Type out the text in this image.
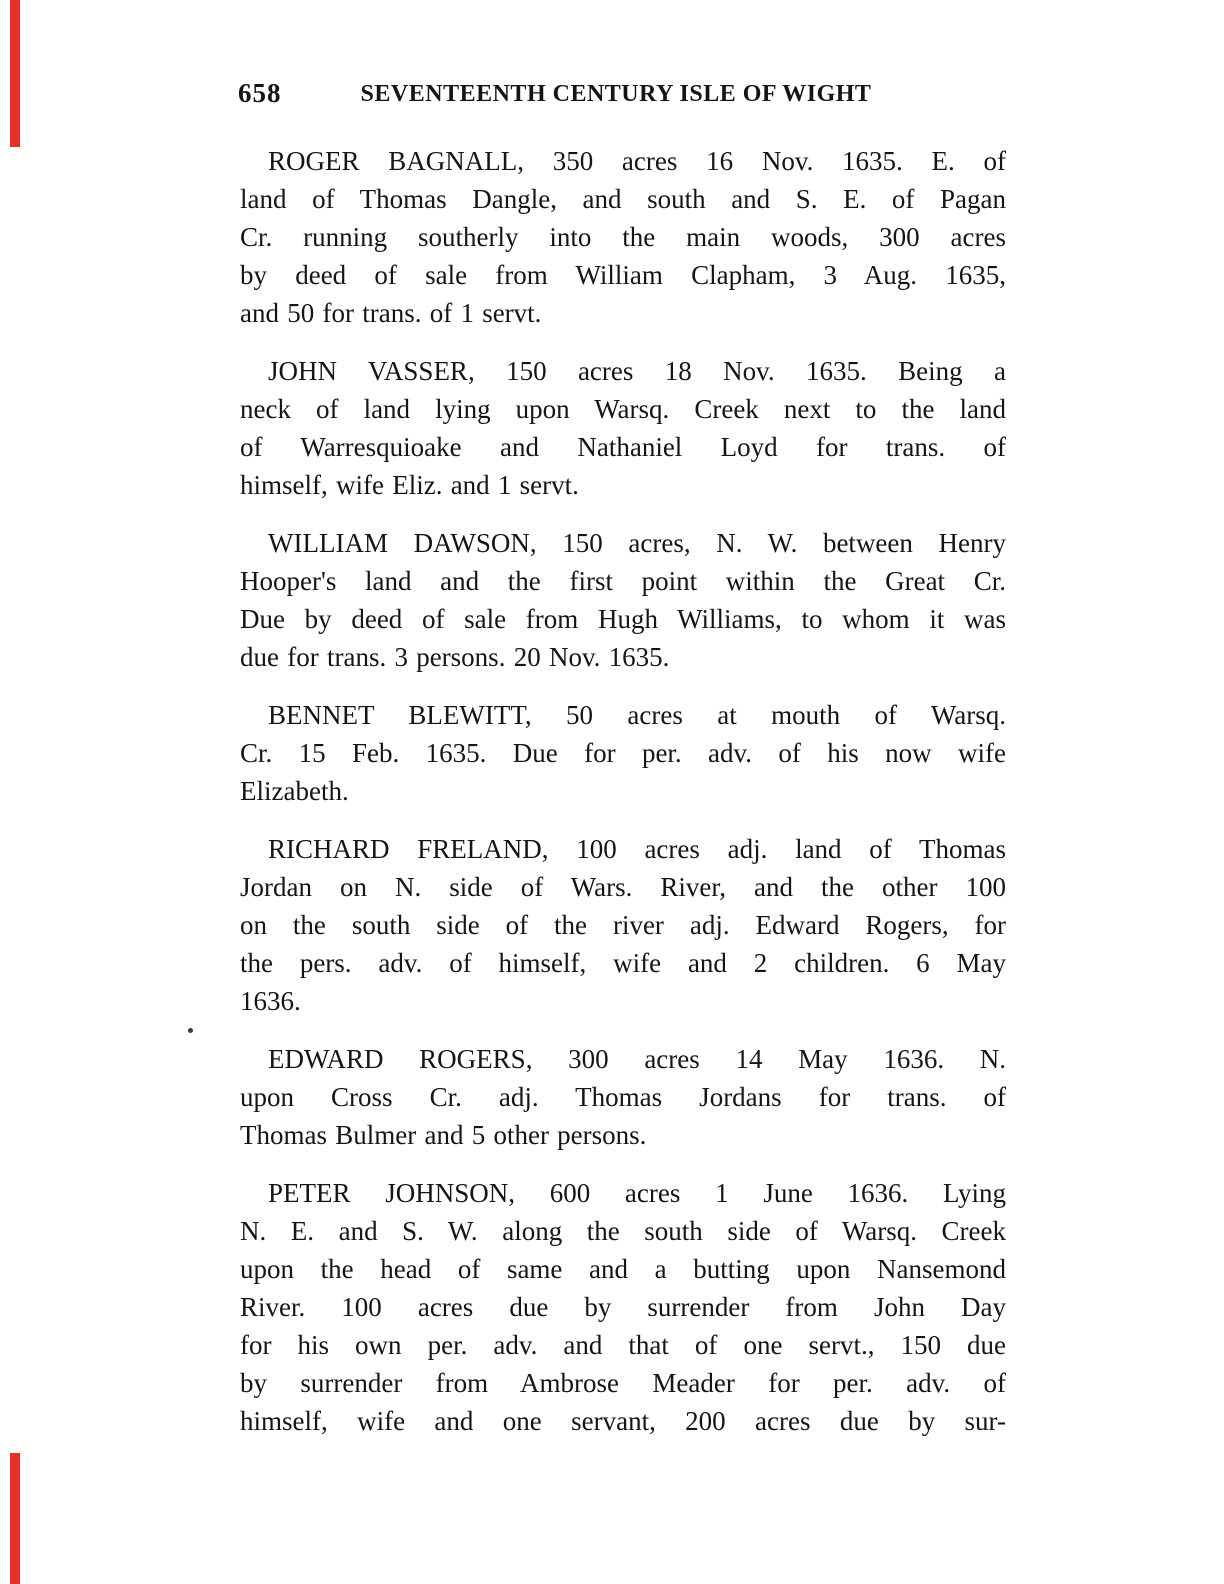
658	SEVENTEENTH CENTURY ISLE OF WIGHT
ROGER BAGNALL, 350 acres 16 Nov. 1635. E. of
land of Thomas Dangle, and south and S. E. of Pagan
Cr. running southerly into the main woods, 300 acres
by deed of sale from William Clapham, 3 Aug. 1635,
and 50 for trans. of 1 servt.
JOHN VASSER, 150 acres 18 Nov. 1635. Being a
neck of land lying upon Warsq. Creek next to the land
of Warresquioake and Nathaniel Loyd for trans. of
himself, wife Eliz. and 1 servt.
WILLIAM DAWSON, 150 acres, N. W. between Henry
Hooper's land and the first point within the Great Cr.
Due by deed of sale from Hugh Williams, to whom it was
due for trans. 3 persons. 20 Nov. 1635.
BENNET BLEWITT, 50 acres at mouth of Warsq.
Cr. 15 Feb. 1635. Due for per. adv. of his now wife
Elizabeth.
RICHARD FRELAND, 100 acres adj. land of Thomas
Jordan on N. side of Wars. River, and the other 100
on the south side of the river adj. Edward Rogers, for
the pers. adv. of himself, wife and 2 children. 6 May
1636.
EDWARD ROGERS, 300 acres 14 May 1636. N.
upon Cross Cr. adj. Thomas Jordans for trans. of
Thomas Bulmer and 5 other persons.
PETER JOHNSON, 600 acres 1 June 1636. Lying
N. E. and S. W. along the south side of Warsq. Creek
upon the head of same and a butting upon Nansemond
River. 100 acres due by surrender from John Day
for his own per. adv. and that of one servt., 150 due
by surrender from Ambrose Meader for per. adv. of
himself, wife and one servant, 200 acres due by sur-
